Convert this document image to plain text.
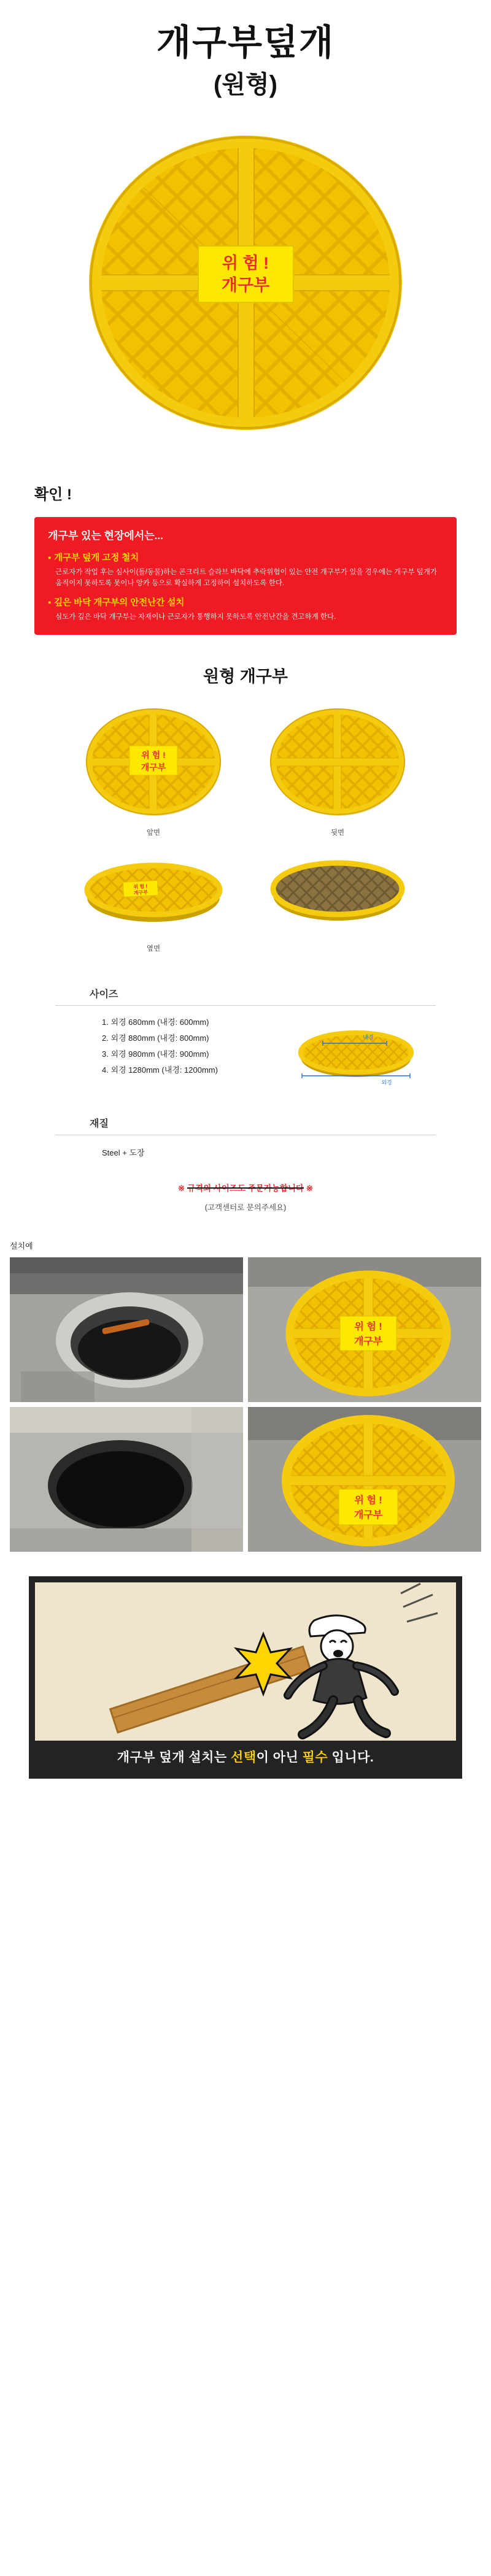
개구부덮개
(원형)
위 험 !
개구부
확인 !
개구부 있는 현장에서는...
▪ 개구부 덮개 고정 철치
근로자가 작업 후는 심사이(돌/동물)하는 콘크리트 슬라브 바닥에 추락위험이 있는 안전 개구부가 있을 경우에는 개구부 덮개가 움직이지 못하도록 못이나 앙카 등으로 확실하게 고정하여 설치하도록 한다.
▪ 깊은 바닥 개구부의 안전난간 설치
심도가 깊은 바닥 개구부는 자재이나 근로자가 통행하지 못하도록 안전난간을 견고하게 한다.
원형 개구부
위 험 !
개구부
앞면	뒷면
위 험 !
개구부
옆면
사이즈
1. 외경 680mm (내경: 600mm)
2. 외경 880mm (내경: 800mm)
3. 외경 980mm (내경: 900mm)
4. 외경 1280mm (내경: 1200mm)
내경
외경
재질
Steel + 도장
※ 규격외 사이즈도 주문가능합니다 ※
(고객센터로 문의주세요)
설치예
위 험 !
개구부
위 험 !
개구부
개구부 덮개 설치는 선택이 아닌 필수 입니다.
